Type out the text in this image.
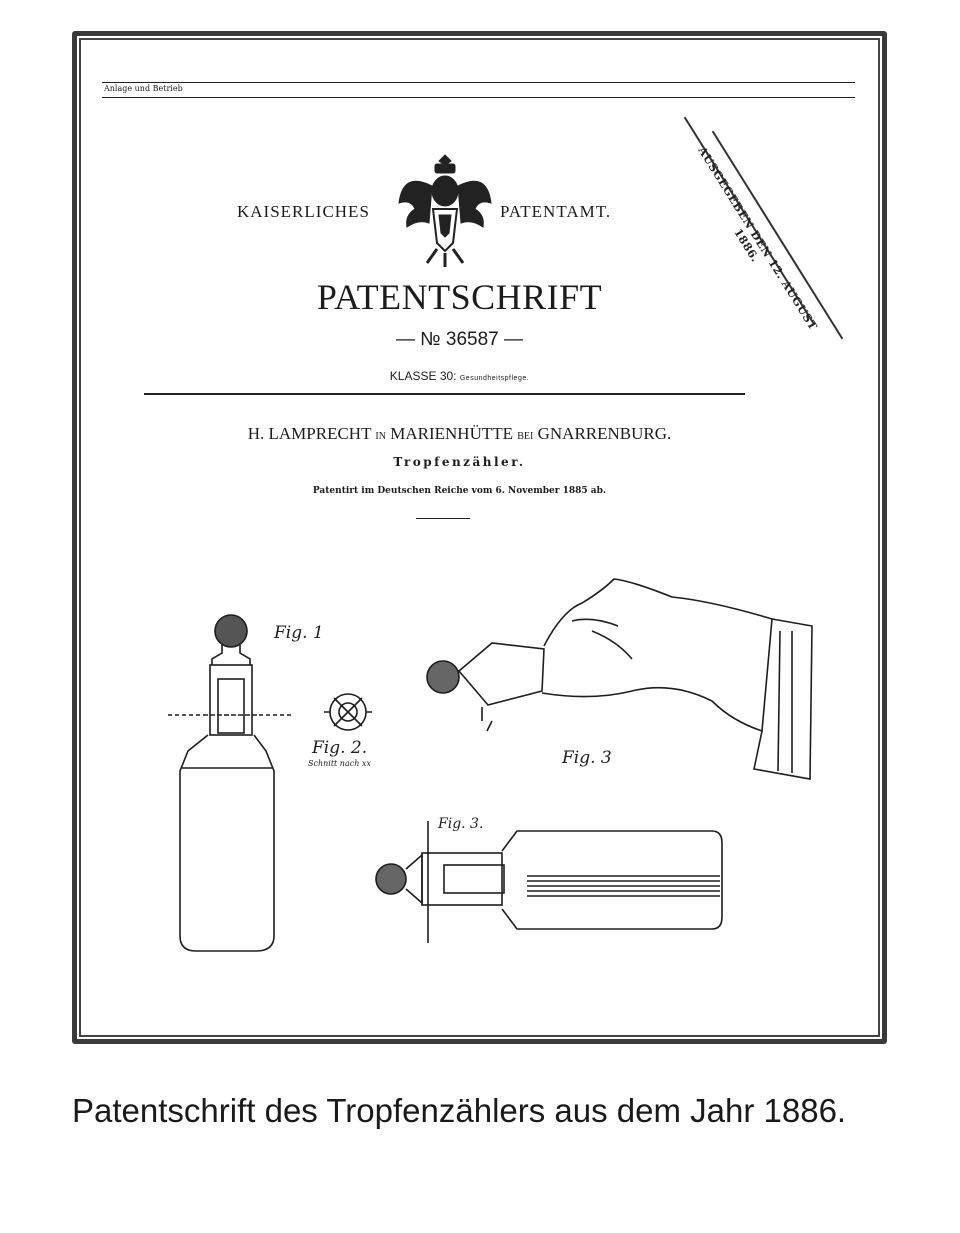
Anlage und Betrieb
KAISERLICHES	PATENTAMT.	AUSGEGEBEN DEN 12. AUGUST 1886.
PATENTSCHRIFT
— № 36587 —
KLASSE 30: Gesundheitspflege.
H. LAMPRECHT IN MARIENHÜTTE BEI GNARRENBURG.
Tropfenzähler.
Patentirt im Deutschen Reiche vom 6. November 1885 ab.
Fig. 1
Fig. 2.	Fig. 3
Fig. 3.
Schnitt nach xx
Patentschrift des Tropfenzählers aus dem Jahr 1886.
